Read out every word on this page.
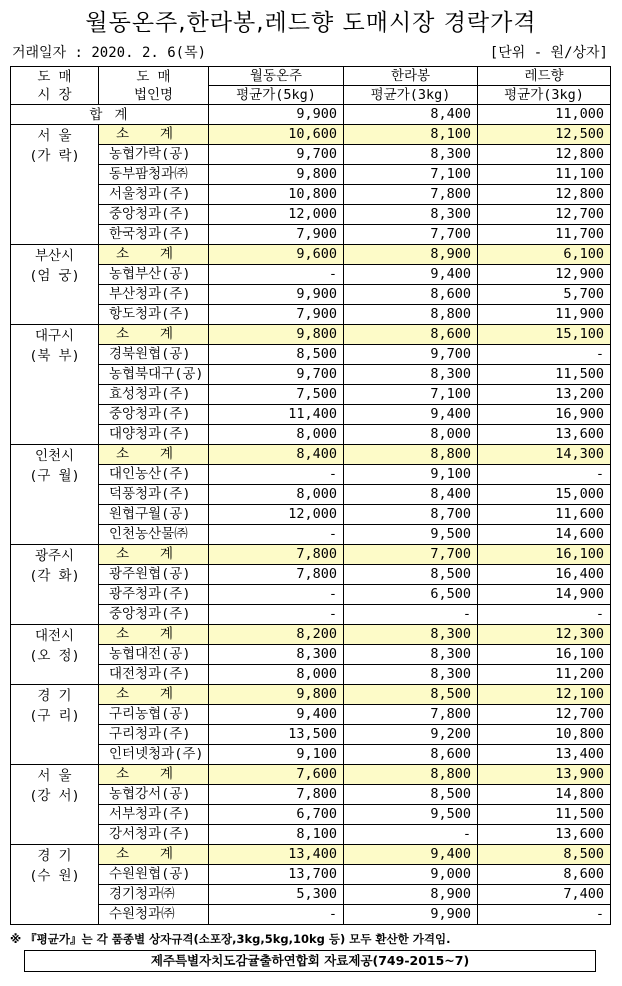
월동온주,한라봉,레드향 도매시장 경락가격
거래일자 : 2020. 2. 6(목)	[단위 - 원/상자]
도 매
시 장	도 매
법인명	월동온주	한라봉	레드향
		평균가(5kg)	평균가(3kg)	평균가(3kg)
합 계		9,900	8,400	11,000
서 울
(가 락)	소 계	10,600	8,100	12,500
	농협가락(공)	9,700	8,300	12,800
	동부팜청과㈜	9,800	7,100	11,100
	서울청과(주)	10,800	7,800	12,800
	중앙청과(주)	12,000	8,300	12,700
	한국청과(주)	7,900	7,700	11,700
부산시
(엄 궁)	소 계	9,600	8,900	6,100
	농협부산(공)	-	9,400	12,900
	부산청과(주)	9,900	8,600	5,700
	항도청과(주)	7,900	8,800	11,900
대구시
(북 부)	소 계	9,800	8,600	15,100
	경북원협(공)	8,500	9,700	-
	농협북대구(공)	9,700	8,300	11,500
	효성청과(주)	7,500	7,100	13,200
	중앙청과(주)	11,400	9,400	16,900
	대양청과(주)	8,000	8,000	13,600
인천시
(구 월)	소 계	8,400	8,800	14,300
	대인농산(주)	-	9,100	-
	덕풍청과(주)	8,000	8,400	15,000
	원협구월(공)	12,000	8,700	11,600
	인천농산물㈜	-	9,500	14,600
광주시
(각 화)	소 계	7,800	7,700	16,100
	광주원협(공)	7,800	8,500	16,400
	광주청과(주)	-	6,500	14,900
	중앙청과(주)	-	-	-
대전시
(오 정)	소 계	8,200	8,300	12,300
	농협대전(공)	8,300	8,300	16,100
	대전청과(주)	8,000	8,300	11,200
경 기
(구 리)	소 계	9,800	8,500	12,100
	구리농협(공)	9,400	7,800	12,700
	구리청과(주)	13,500	9,200	10,800
	인터넷청과(주)	9,100	8,600	13,400
서 울
(강 서)	소 계	7,600	8,800	13,900
	농협강서(공)	7,800	8,500	14,800
	서부청과(주)	6,700	9,500	11,500
	강서청과(주)	8,100	-	13,600
경 기
(수 원)	소 계	13,400	9,400	8,500
	수원원협(공)	13,700	9,000	8,600
	경기청과㈜	5,300	8,900	7,400
	수원청과㈜	-	9,900	-
※ 『평균가』는 각 품종별 상자규격(소포장,3kg,5kg,10kg 등) 모두 환산한 가격임.
제주특별자치도감귤출하연합회 자료제공(749-2015~7)
